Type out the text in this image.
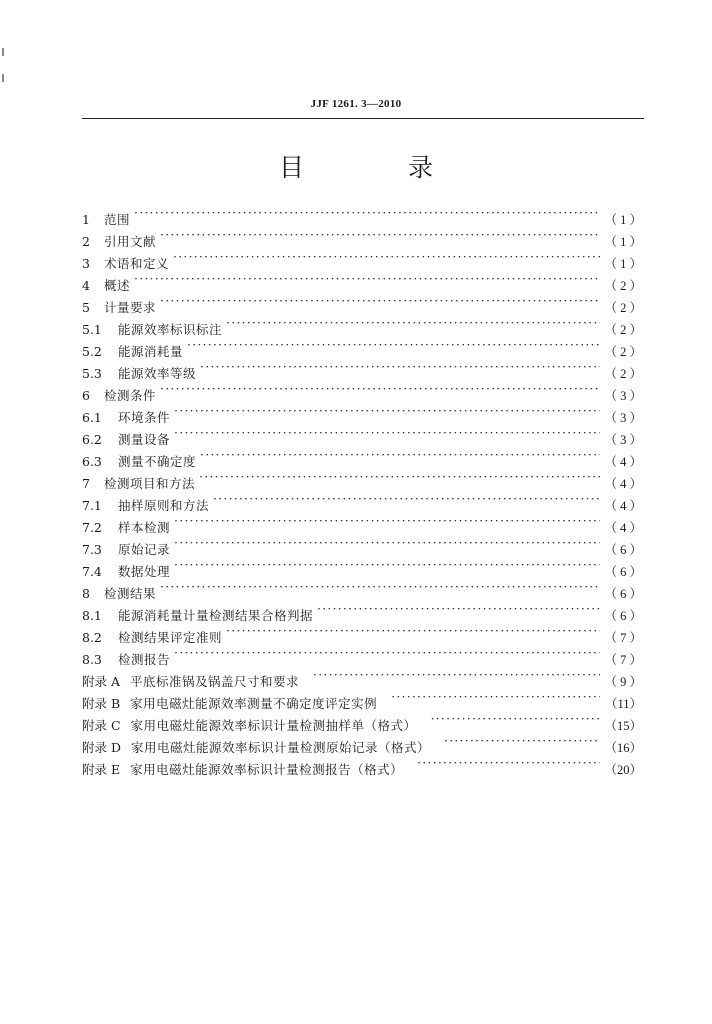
JJF 1261. 3—2010
目 录
1	范围 ·····	（ 1 ）
2	引用文献 ·····	（ 1 ）
3	术语和定义 ·····	（ 1 ）
4	概述 ·····	（ 2 ）
5	计量要求 ·····	（ 2 ）
5.1	能源效率标识标注 ·····	（ 2 ）
5.2	能源消耗量 ·····	（ 2 ）
5.3	能源效率等级 ·····	（ 2 ）
6	检测条件 ·····	（ 3 ）
6.1	环境条件 ·····	（ 3 ）
6.2	测量设备 ·····	（ 3 ）
6.3	测量不确定度 ·····	（ 4 ）
7	检测项目和方法 ·····	（ 4 ）
7.1	抽样原则和方法 ·····	（ 4 ）
7.2	样本检测 ·····	（ 4 ）
7.3	原始记录 ·····	（ 6 ）
7.4	数据处理 ·····	（ 6 ）
8	检测结果 ·····	（ 6 ）
8.1	能源消耗量计量检测结果合格判据 ·····	（ 6 ）
8.2	检测结果评定准则 ·····	（ 7 ）
8.3	检测报告 ·····	（ 7 ）
附录 A 平底标准锅及锅盖尺寸和要求 ·····	（ 9 ）
附录 B 家用电磁灶能源效率测量不确定度评定实例 ·····	（11）
附录 C 家用电磁灶能源效率标识计量检测抽样单（格式） ·····	（15）
附录 D 家用电磁灶能源效率标识计量检测原始记录（格式） ·····	（16）
附录 E 家用电磁灶能源效率标识计量检测报告（格式） ·····	（20）
